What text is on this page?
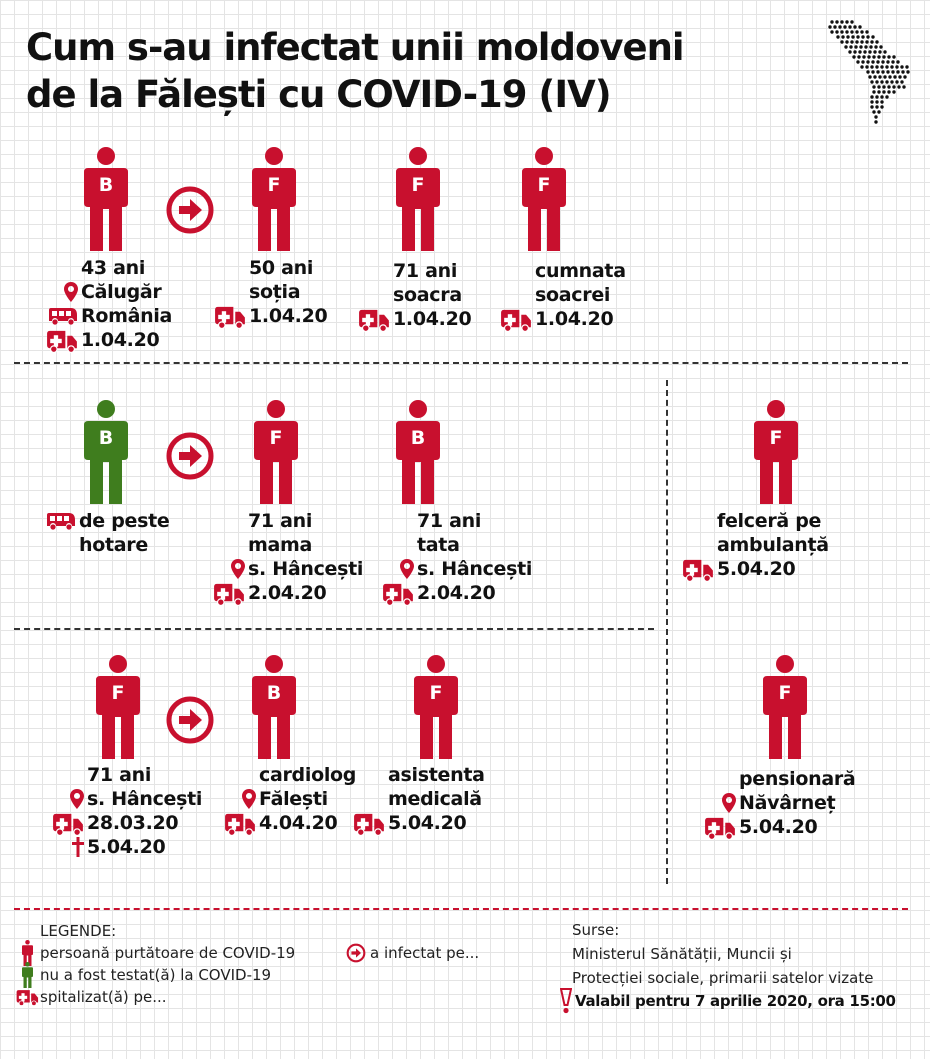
Cum s-au infectat unii moldoveni
de la Fălești cu COVID-19 (IV)
B	F	F	F
43 ani
Călugăr
România
1.04.20
50 ani
soția
1.04.20
71 ani
soacra
1.04.20
cumnata
soacrei
1.04.20
B	F	B
de peste
hotare
71 ani
mama
s. Hâncești
2.04.20
71 ani
tata
s. Hâncești
2.04.20
F	B	F
71 ani
s. Hâncești
28.03.20
5.04.20
cardiolog
Fălești
4.04.20
asistenta
medicală
5.04.20
F
felceră pe
ambulanță
5.04.20
F
pensionară
Năvârneț
5.04.20
LEGENDE:
persoană purtătoare de COVID-19
nu a fost testat(ă) la COVID-19
spitalizat(ă) pe...
a infectat pe...
Surse:
Ministerul Sănătății, Muncii și
Protecției sociale, primarii satelor vizate
Valabil pentru 7 aprilie 2020, ora 15:00
